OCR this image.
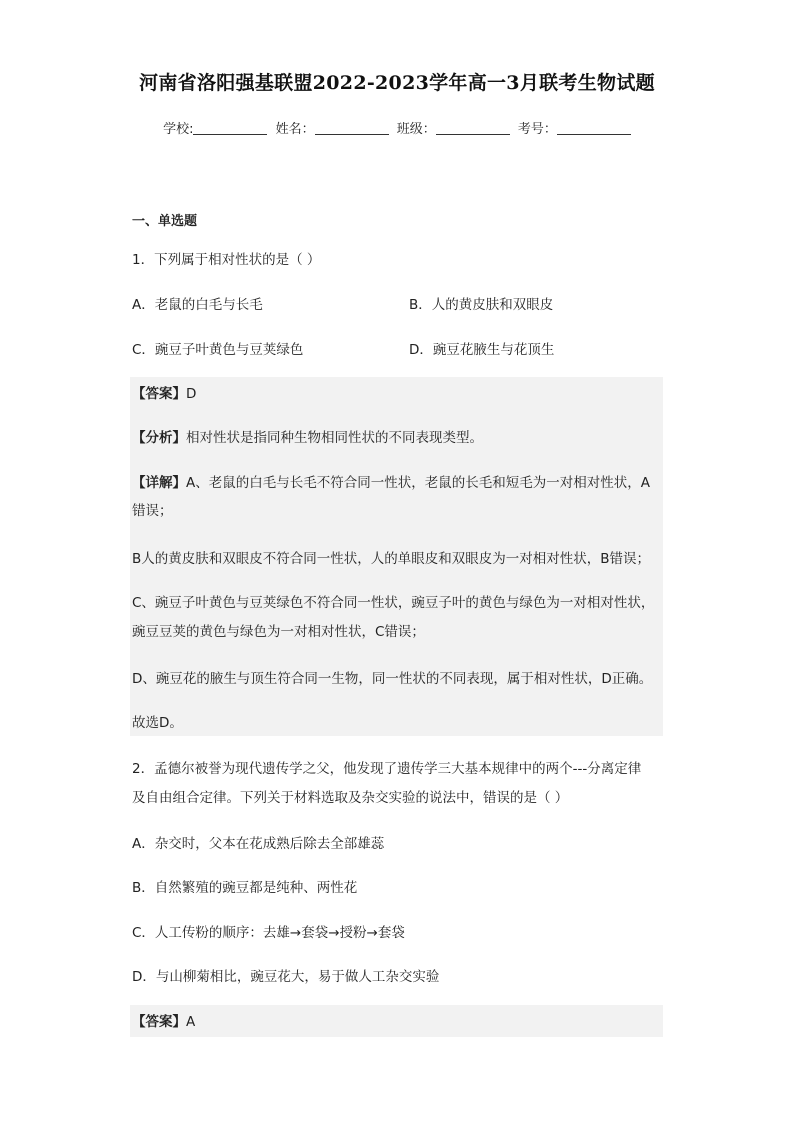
河南省洛阳强基联盟2022-2023学年高一3月联考生物试题
学校:	姓名：	班级：	考号：
一、单选题
1．下列属于相对性状的是（ ）
A．老鼠的白毛与长毛	B．人的黄皮肤和双眼皮
C．豌豆子叶黄色与豆荚绿色	D．豌豆花腋生与花顶生
【答案】D
【分析】相对性状是指同种生物相同性状的不同表现类型。
【详解】A、老鼠的白毛与长毛不符合同一性状，老鼠的长毛和短毛为一对相对性状，A
错误；
B人的黄皮肤和双眼皮不符合同一性状，人的单眼皮和双眼皮为一对相对性状，B错误；
C、豌豆子叶黄色与豆荚绿色不符合同一性状，豌豆子叶的黄色与绿色为一对相对性状，
豌豆豆荚的黄色与绿色为一对相对性状，C错误；
D、豌豆花的腋生与顶生符合同一生物，同一性状的不同表现，属于相对性状，D正确。
故选D。
2．孟德尔被誉为现代遗传学之父，他发现了遗传学三大基本规律中的两个---分离定律
及自由组合定律。下列关于材料选取及杂交实验的说法中，错误的是（ ）
A．杂交时，父本在花成熟后除去全部雄蕊
B．自然繁殖的豌豆都是纯种、两性花
C．人工传粉的顺序：去雄→套袋→授粉→套袋
D．与山柳菊相比，豌豆花大，易于做人工杂交实验
【答案】A
